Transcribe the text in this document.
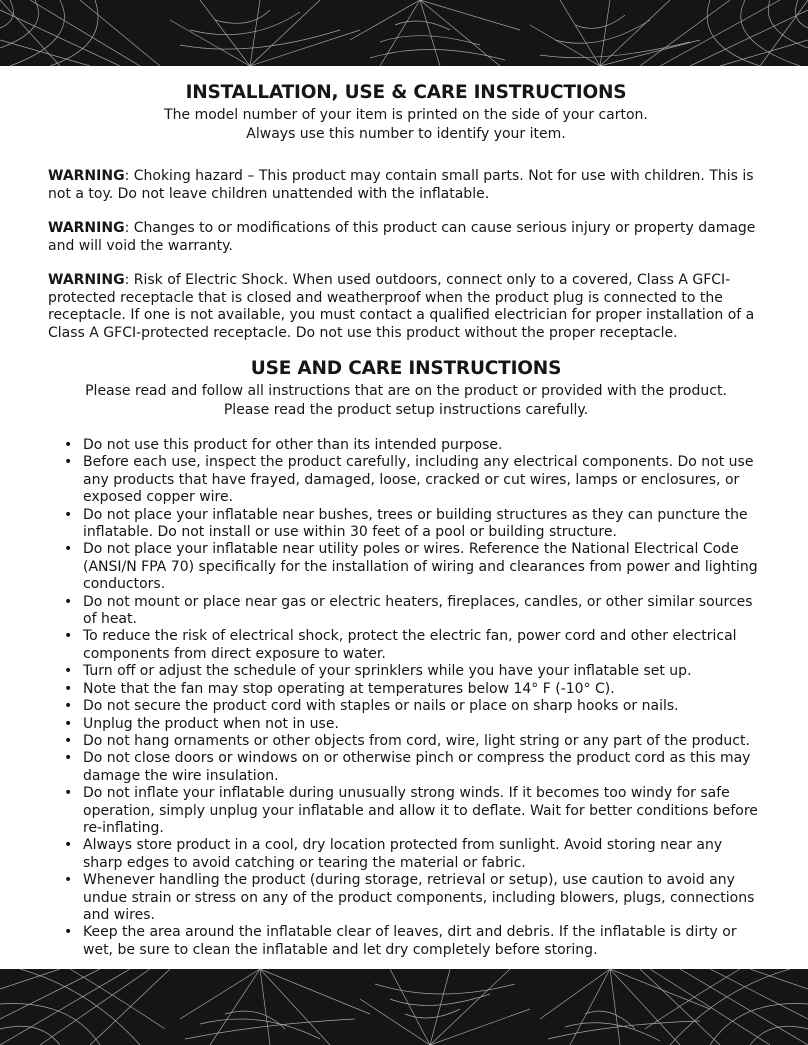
INSTALLATION, USE & CARE INSTRUCTIONS

The model number of your item is printed on the side of your carton.

Always use this number to identify your item.

WARNING: Choking hazard – This product may contain small parts. Not for use with children. This is not a toy. Do not leave children unattended with the inflatable.

WARNING: Changes to or modifications of this product can cause serious injury or property damage and will void the warranty.

WARNING: Risk of Electric Shock. When used outdoors, connect only to a covered, Class A GFCI-protected receptacle that is closed and weatherproof when the product plug is connected to the receptacle. If one is not available, you must contact a qualified electrician for proper installation of a Class A GFCI-protected receptacle. Do not use this product without the proper receptacle.

USE AND CARE INSTRUCTIONS

Please read and follow all instructions that are on the product or provided with the product.

Please read the product setup instructions carefully.

• Do not use this product for other than its intended purpose.
• Before each use, inspect the product carefully, including any electrical components. Do not use any products that have frayed, damaged, loose, cracked or cut wires, lamps or enclosures, or exposed copper wire.
• Do not place your inflatable near bushes, trees or building structures as they can puncture the inflatable. Do not install or use within 30 feet of a pool or building structure.
• Do not place your inflatable near utility poles or wires. Reference the National Electrical Code (ANSI/N FPA 70) specifically for the installation of wiring and clearances from power and lighting conductors.
• Do not mount or place near gas or electric heaters, fireplaces, candles, or other similar sources of heat.
• To reduce the risk of electrical shock, protect the electric fan, power cord and other electrical components from direct exposure to water.
• Turn off or adjust the schedule of your sprinklers while you have your inflatable set up.
• Note that the fan may stop operating at temperatures below 14° F (-10° C).
• Do not secure the product cord with staples or nails or place on sharp hooks or nails.
• Unplug the product when not in use.
• Do not hang ornaments or other objects from cord, wire, light string or any part of the product.
• Do not close doors or windows on or otherwise pinch or compress the product cord as this may damage the wire insulation.
• Do not inflate your inflatable during unusually strong winds. If it becomes too windy for safe operation, simply unplug your inflatable and allow it to deflate. Wait for better conditions before re-inflating.
• Always store product in a cool, dry location protected from sunlight. Avoid storing near any sharp edges to avoid catching or tearing the material or fabric.
• Whenever handling the product (during storage, retrieval or setup), use caution to avoid any undue strain or stress on any of the product components, including blowers, plugs, connections and wires.
• Keep the area around the inflatable clear of leaves, dirt and debris. If the inflatable is dirty or wet, be sure to clean the inflatable and let dry completely before storing.
